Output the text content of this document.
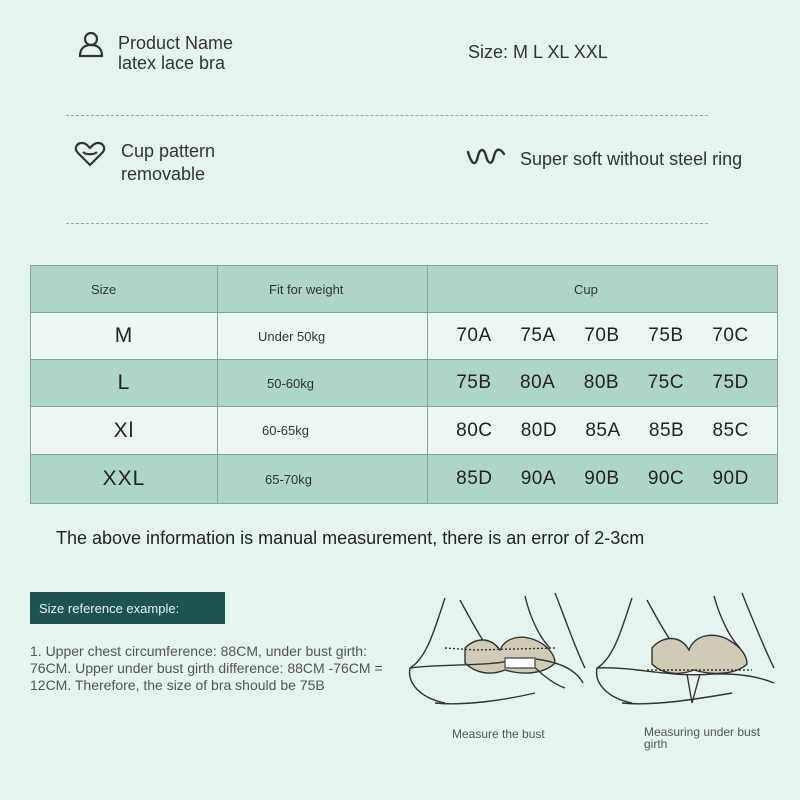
Product Name
latex lace bra
Size: M L XL XXL
Cup pattern
removable
Super soft without steel ring
Size	Fit for weight	Cup
M	Under 50kg	70A 75A 70B 75B 70C
L	50-60kg	75B 80A 80B 75C 75D
Xl	60-65kg	80C 80D 85A 85B 85C
XXL	65-70kg	85D 90A 90B 90C 90D
The above information is manual measurement, there is an error of 2-3cm
Size reference example:
1. Upper chest circumference: 88CM, under bust girth: 76CM. Upper under bust girth difference: 88CM -76CM = 12CM. Therefore, the size of bra should be 75B
Measure the bust	Measuring under bust girth
